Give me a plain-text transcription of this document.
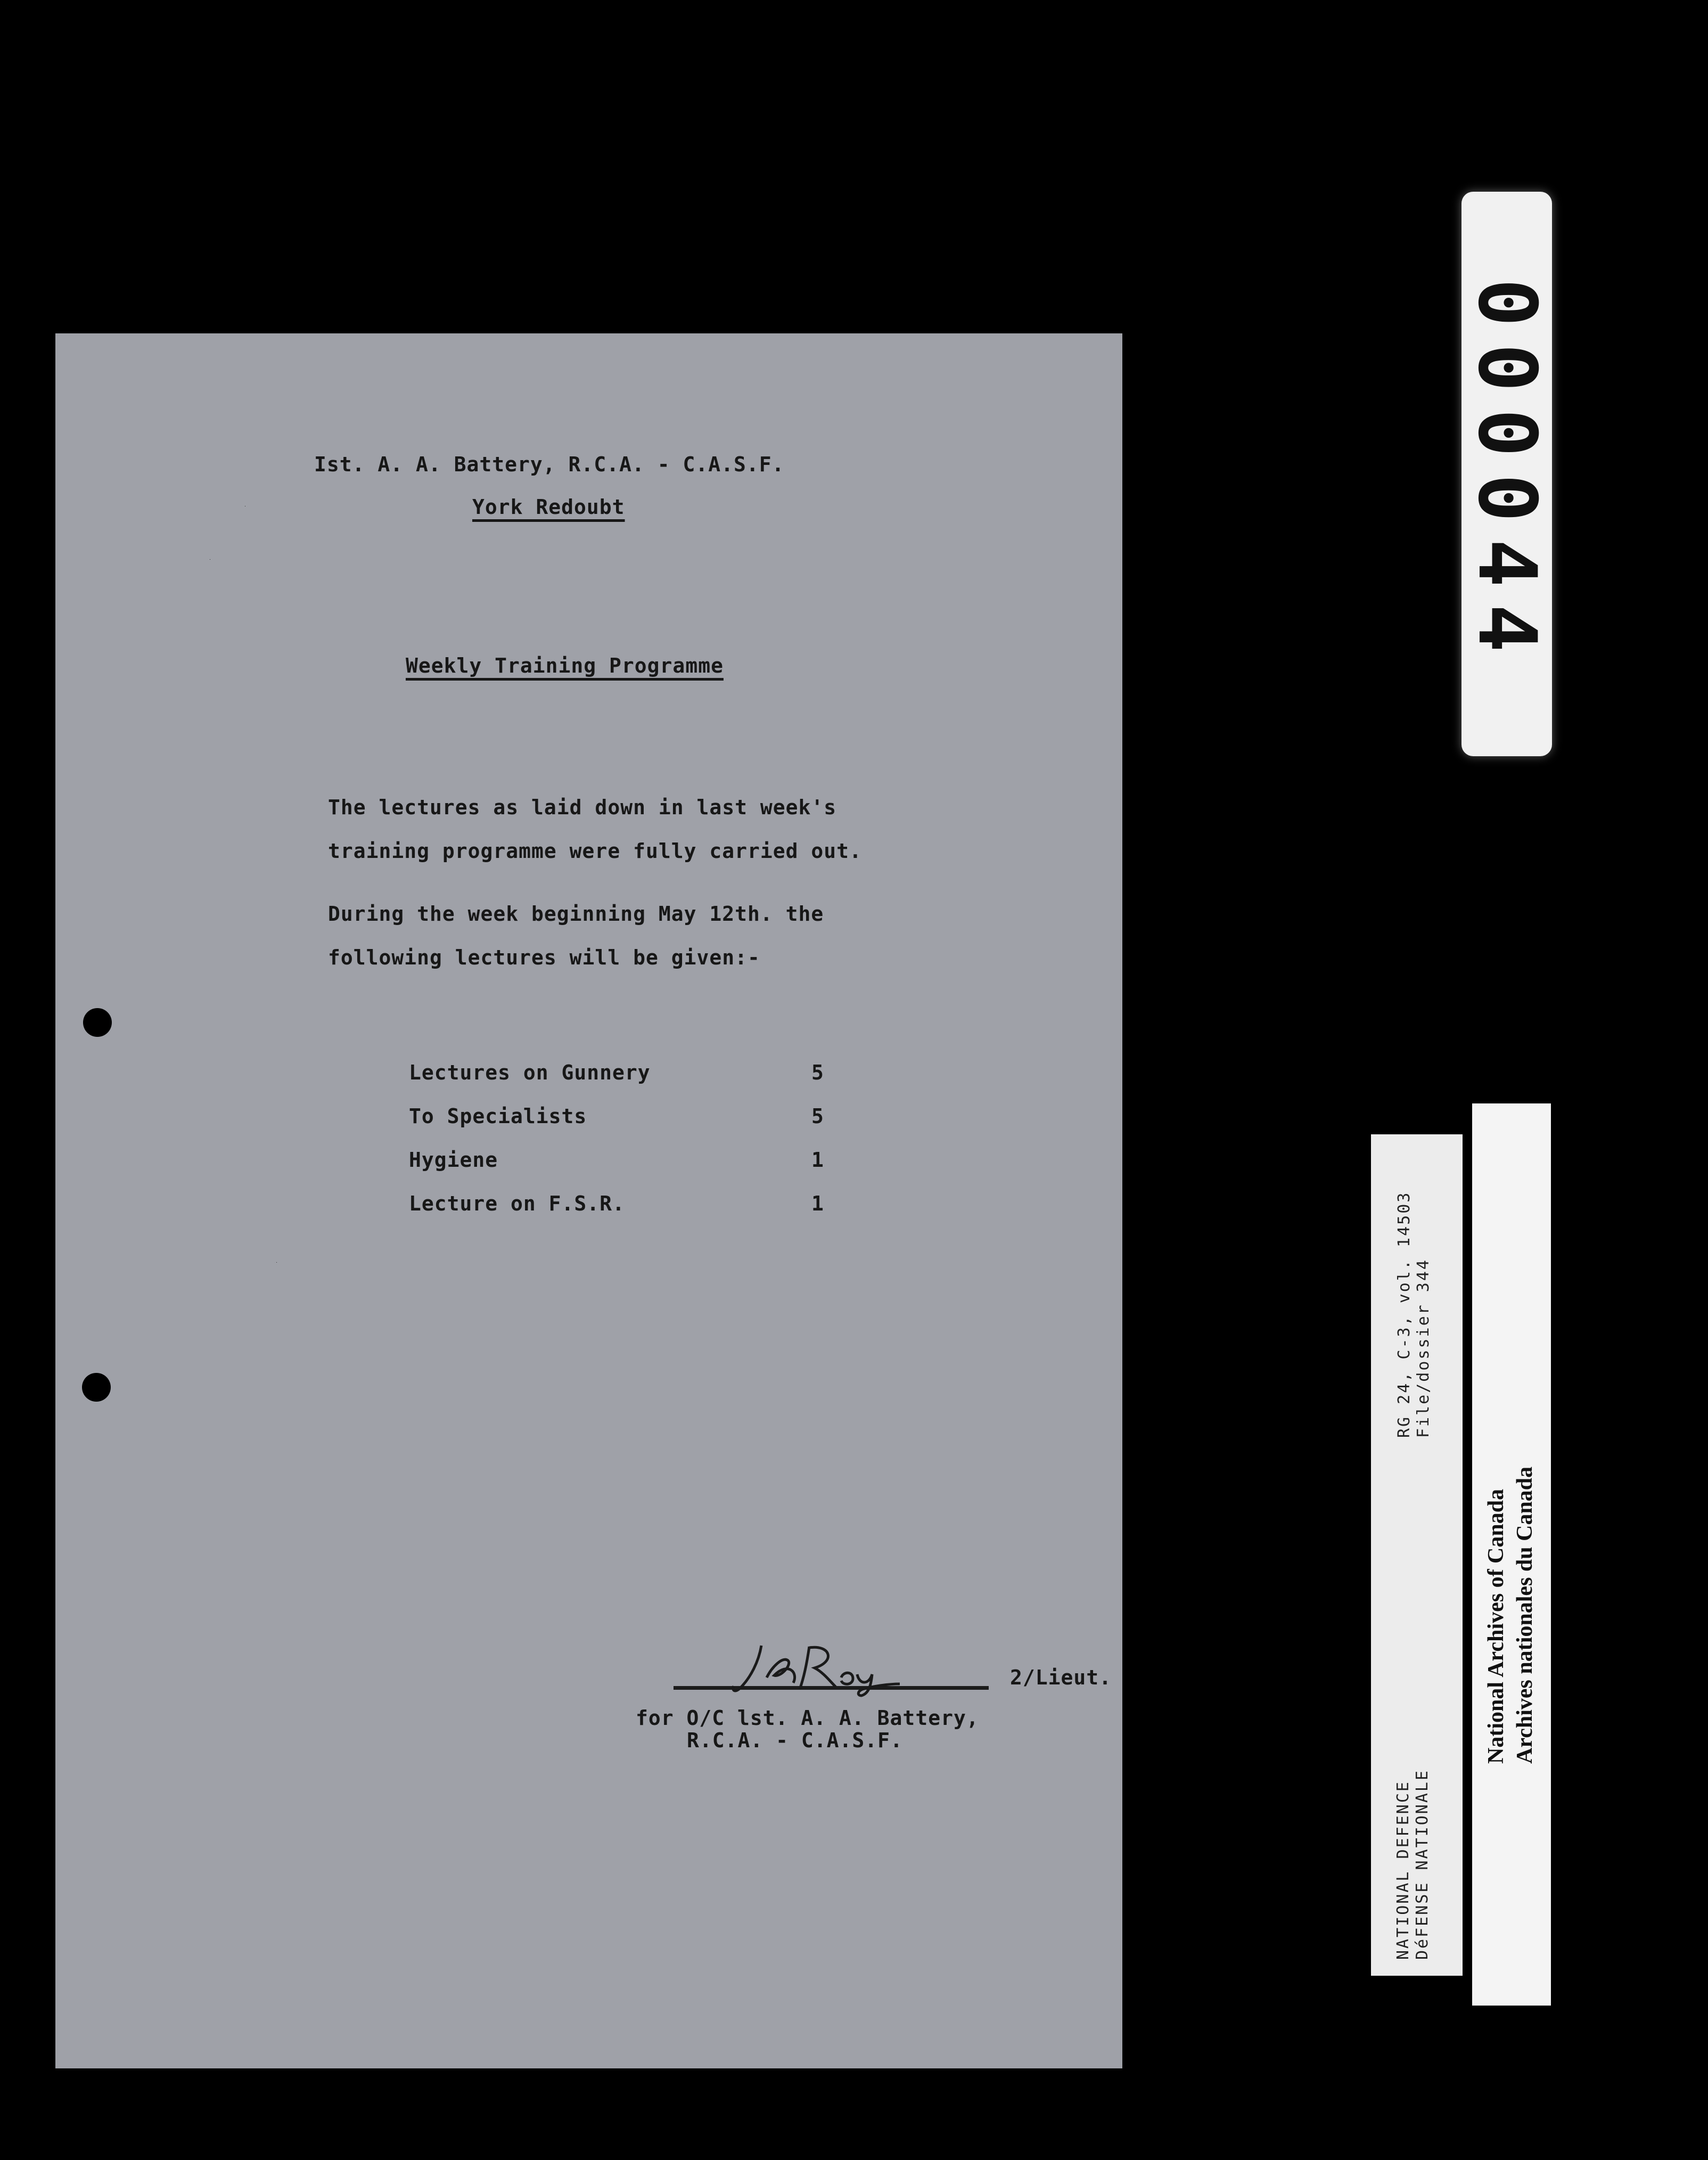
000044
Ist. A. A. Battery, R.C.A. - C.A.S.F.
York Redoubt
Weekly Training Programme
The lectures as laid down in last week's
training programme were fully carried out.
During the week beginning May 12th. the
following lectures will be given:-
Lectures on Gunnery	5
To Specialists	5
Hygiene	1
Lecture on F.S.R.	1
2/Lieut.
for O/C lst. A. A. Battery,
R.C.A. - C.A.S.F.
NATIONAL DEFENCE DéFENSE NATIONALE
RG 24, C-3, vol. 14503 File/dossier 344
National Archives of Canada Archives nationales du Canada
